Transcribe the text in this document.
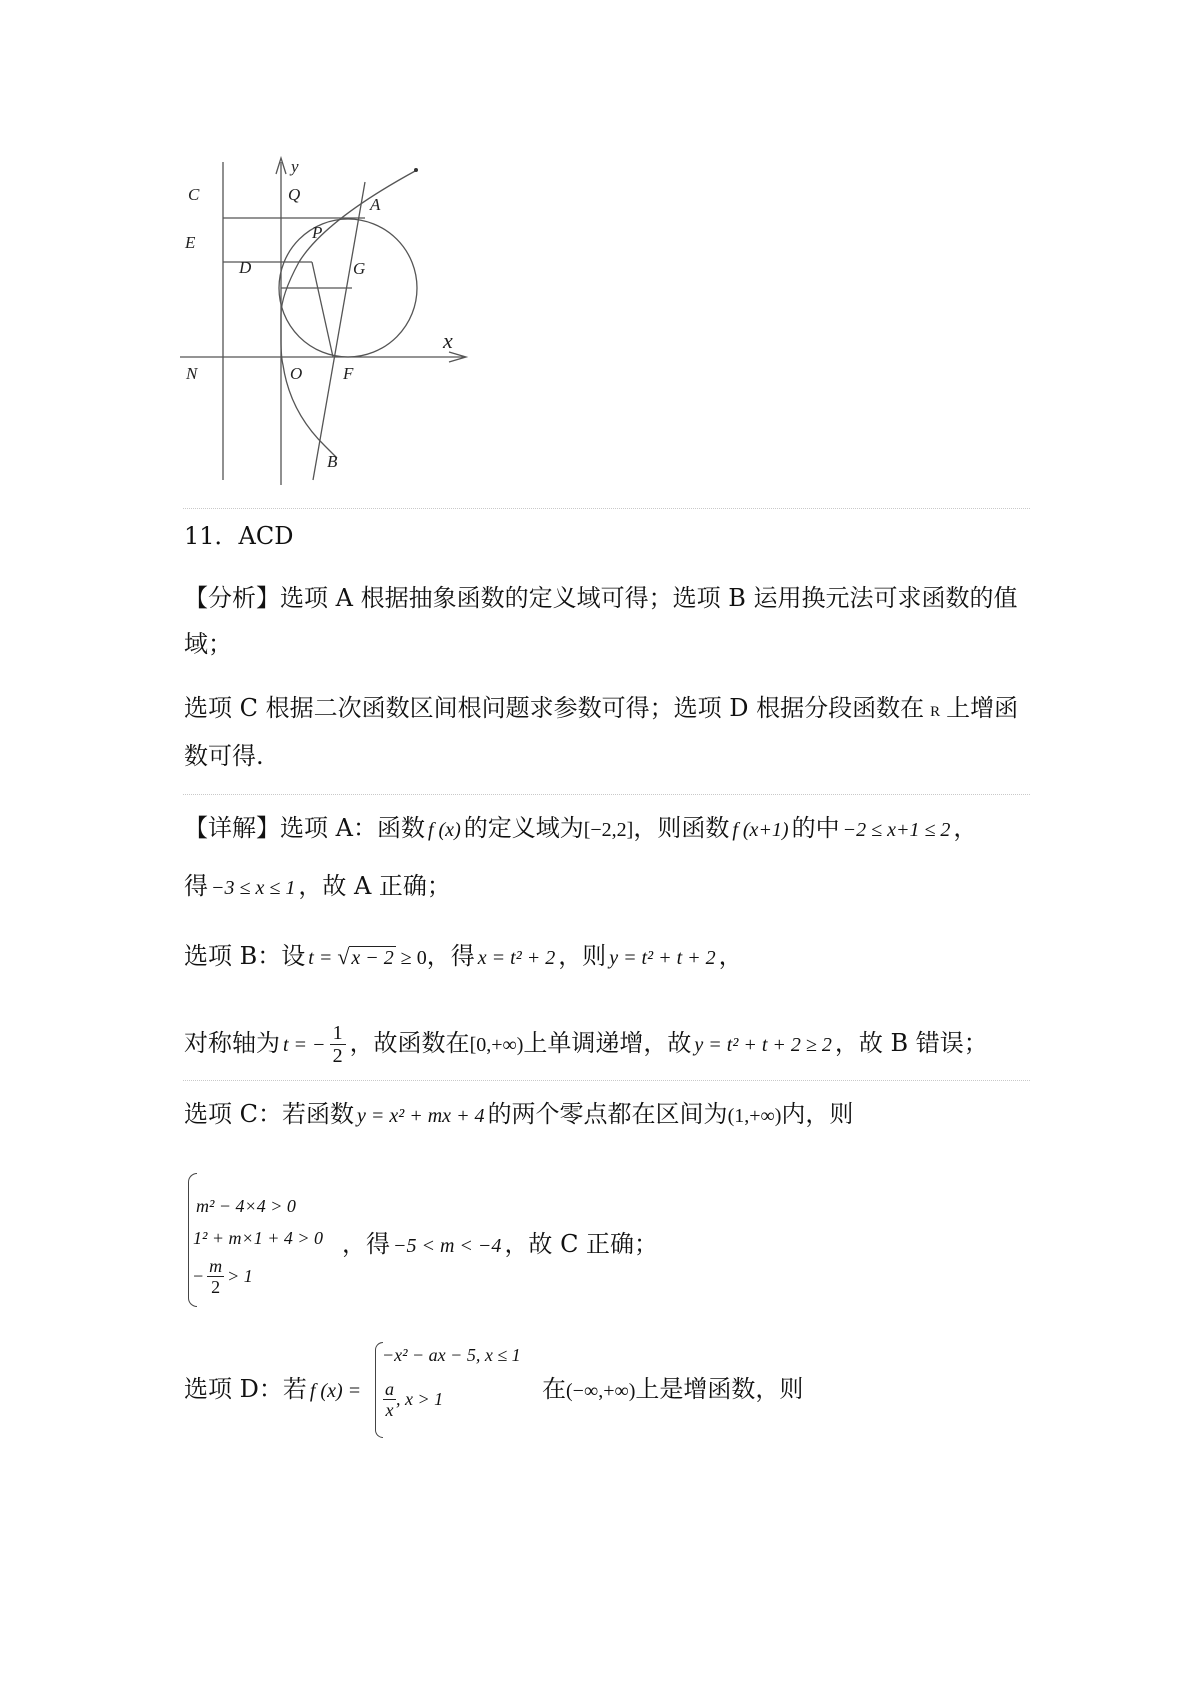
y
x
C	Q
A
E
P
D	G
N	O F
B
11．ACD
【分析】选项 A 根据抽象函数的定义域可得；选项 B 运用换元法可求函数的值
域；
选项 C 根据二次函数区间根问题求参数可得；选项 D 根据分段函数在 R 上增函
数可得.
【详解】选项 A：函数 f (x) 的定义域为[−2,2]，则函数 f (x+1) 的中 −2 ≤ x+1 ≤ 2 ，
得 −3 ≤ x ≤ 1 ，故 A 正确；
选项 B：设 t = √ x − 2 ≥ 0，得 x = t² + 2 ，则 y = t² + t + 2 ，
对称轴为 t = − $\frac{1}{2}$ ，故函数在[0,+∞)上单调递增，故 y = t² + t + 2 ≥ 2 ，故 B 错误；
选项 C：若函数 y = x² + mx + 4 的两个零点都在区间为(1,+∞)内，则
m² − 4×4 > 0
1² + m×1 + 4 > 0
− $\frac{m}{2} > 1$
，得 −5 < m < −4 ，故 C 正确；
选项 D：若 f (x) =
−x² − ax − 5, x ≤ 1
$\frac{a}{x}$ , x > 1	在(−∞,+∞)上是增函数，则
